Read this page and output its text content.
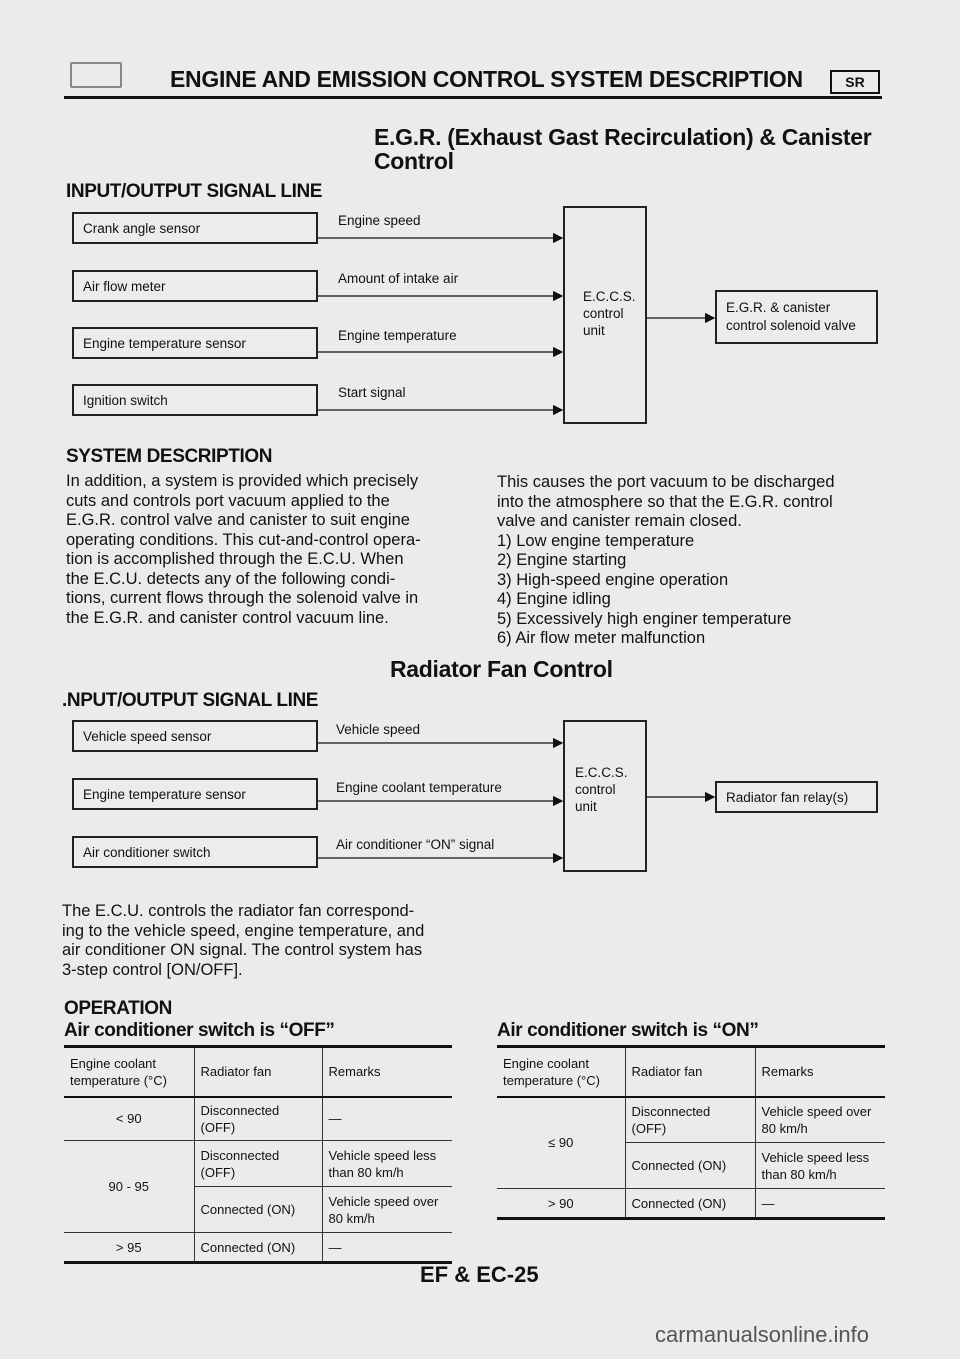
ENGINE AND EMISSION CONTROL SYSTEM DESCRIPTION	SR
E.G.R. (Exhaust Gast Recirculation) & Canister
Control
INPUT/OUTPUT SIGNAL LINE
Crank angle sensor
Air flow meter
Engine temperature sensor
Ignition switch
Engine speed
Amount of intake air
Engine temperature
Start signal
E.C.C.S.
control
unit
E.G.R. & canister
control solenoid valve
SYSTEM DESCRIPTION
In addition, a system is provided which precisely
cuts and controls port vacuum applied to the
E.G.R. control valve and canister to suit engine
operating conditions. This cut-and-control opera-
tion is accomplished through the E.C.U. When
the E.C.U. detects any of the following condi-
tions, current flows through the solenoid valve in
the E.G.R. and canister control vacuum line.
This causes the port vacuum to be discharged
into the atmosphere so that the E.G.R. control
valve and canister remain closed.
1) Low engine temperature
2) Engine starting
3) High-speed engine operation
4) Engine idling
5) Excessively high enginer temperature
6) Air flow meter malfunction
Radiator Fan Control
.NPUT/OUTPUT SIGNAL LINE
Vehicle speed sensor
Engine temperature sensor
Air conditioner switch
Vehicle speed
Engine coolant temperature
Air conditioner “ON” signal
E.C.C.S.
control
unit
Radiator fan relay(s)
The E.C.U. controls the radiator fan correspond-
ing to the vehicle speed, engine temperature, and
air conditioner ON signal. The control system has
3-step control [ON/OFF].
OPERATION
Air conditioner switch is “OFF”	Air conditioner switch is “ON”
Engine coolant temperature (°C)	Radiator fan	Remarks
< 90	Disconnected (OFF)	—
90 - 95	Disconnected (OFF)	Vehicle speed less than 80 km/h
	Connected (ON)	Vehicle speed over 80 km/h
> 95	Connected (ON)	—
Engine coolant temperature (°C)	Radiator fan	Remarks
≤ 90	Disconnected (OFF)	Vehicle speed over 80 km/h
	Connected (ON)	Vehicle speed less than 80 km/h
> 90	Connected (ON)	—
EF & EC-25
carmanualsonline.info
